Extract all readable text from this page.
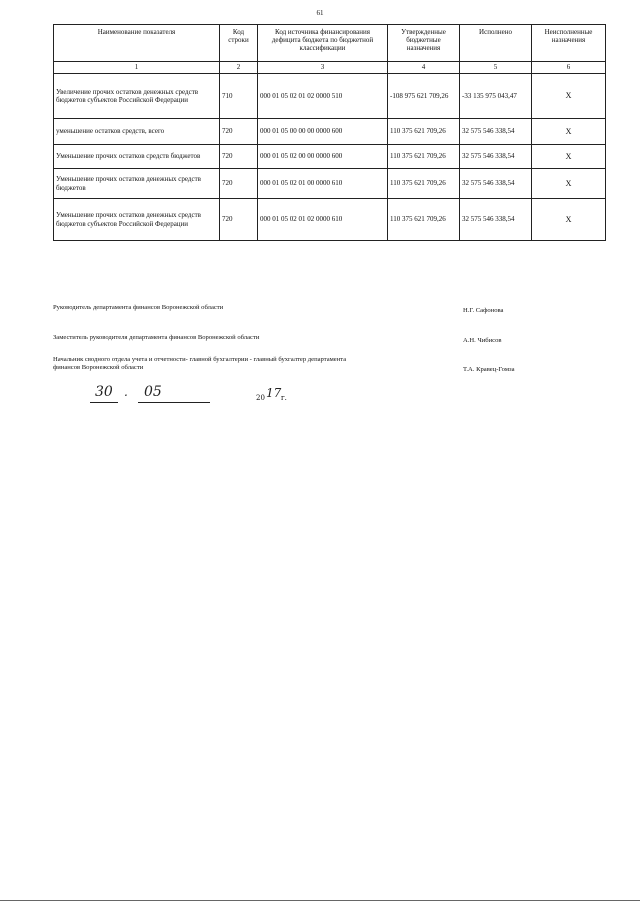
61
Наименование показателя	Код строки	Код источника финансирования дефицита бюджета по бюджетной классификации	Утвержденные бюджетные назначения	Исполнено	Неисполненные назначения
1	2	3	4	5	6
Увеличение прочих остатков денежных средств бюджетов субъектов Российской Федерации	710	000 01 05 02 01 02 0000 510	-108 975 621 709,26	-33 135 975 043,47	X
уменьшение остатков средств, всего	720	000 01 05 00 00 00 0000 600	110 375 621 709,26	32 575 546 338,54	X
Уменьшение прочих остатков средств бюджетов	720	000 01 05 02 00 00 0000 600	110 375 621 709,26	32 575 546 338,54	X
Уменьшение прочих остатков денежных средств бюджетов	720	000 01 05 02 01 00 0000 610	110 375 621 709,26	32 575 546 338,54	X
Уменьшение прочих остатков денежных средств бюджетов субъектов Российской Федерации	720	000 01 05 02 01 02 0000 610	110 375 621 709,26	32 575 546 338,54	X
Руководитель департамента финансов Воронежской области	Н.Г. Сафонова
Заместитель руководителя департамента финансов Воронежской области	А.Н. Чибисов
Начальник сводного отдела учета и отчетности- главной бухгалтерии - главный бухгалтер департамента финансов Воронежской области	Т.А. Кравец-Гомза
30 . 05	20 17 г.
